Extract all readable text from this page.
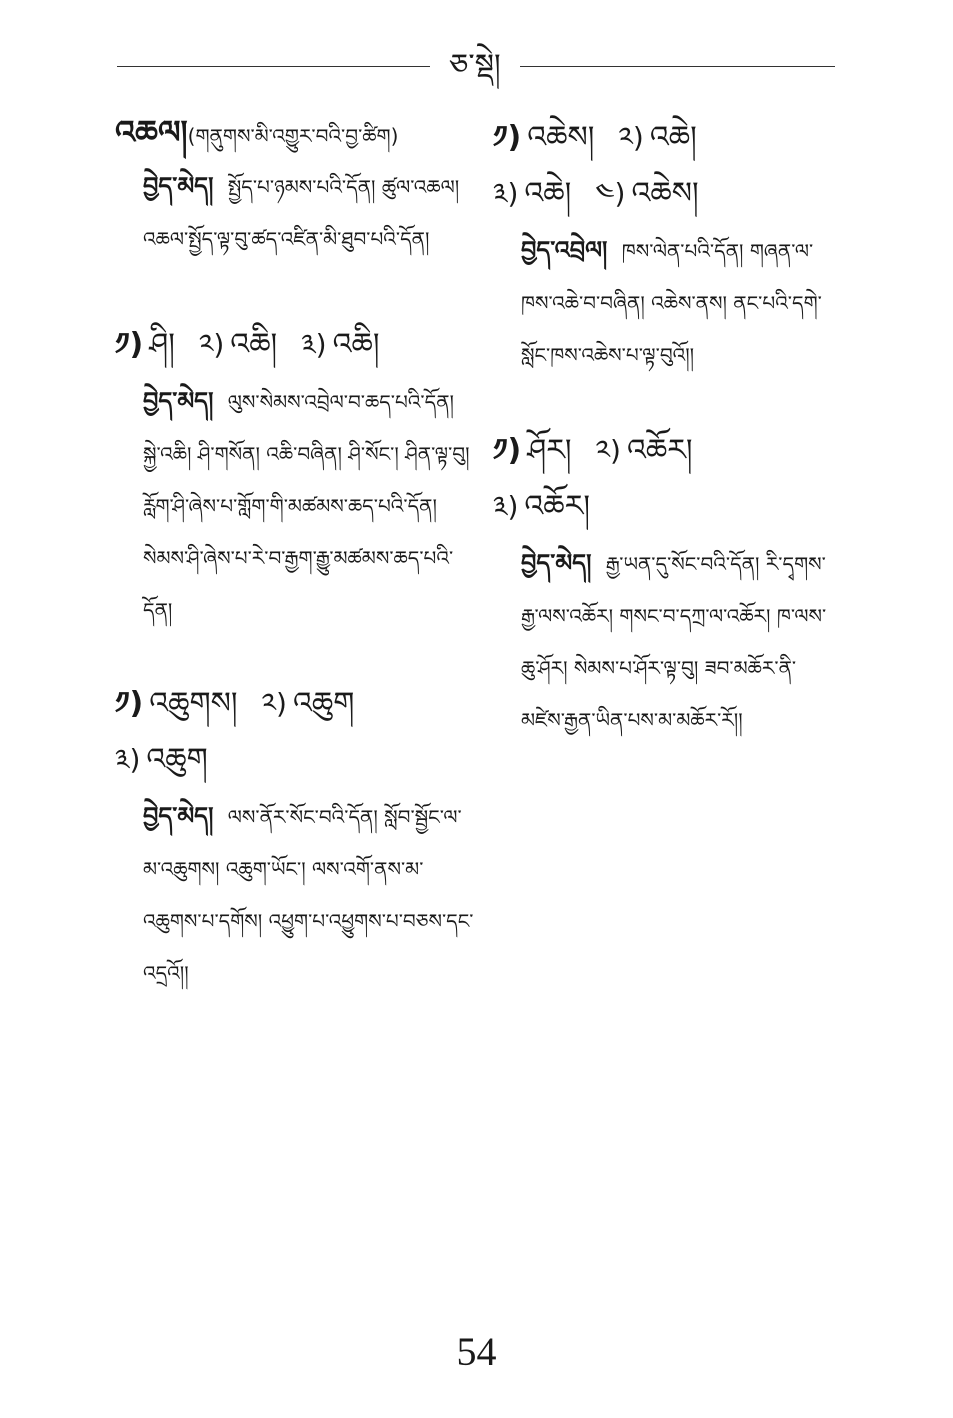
ཅ་སྡེ།

འཆལ།(གནུགས་མི་འགྱུར་བའི་བྱ་ཚིག)

བྱེད་མེད། སྤྱོད་པ་ཉམས་པའི་དོན། ཚུལ་འཆལ། འཆལ་སྤྱོད་ལྟ་བུ་ཚད་འཛིན་མི་ཐུབ་པའི་དོན།

༡) ཤི། ༢) འཆི། ༣) འཆི།

བྱེད་མེད། ལུས་སེམས་འབྲེལ་བ་ཆད་པའི་དོན། སྐྱེ་འཆི། ཤི་གསོན། འཆི་བཞིན། ཤི་སོང་། ཤིན་ལྟ་བུ། རློག་ཤི་ཞེས་པ་གློག་གི་མཚམས་ཆད་པའི་དོན། སེམས་ཤི་ཞེས་པ་རེ་བ་རྒྱག་རྒྱུ་མཚམས་ཆད་པའི་དོན།

༡) འཆུགས། ༢) འཆུག

༣) འཆུག

བྱེད་མེད། ལས་ནོར་སོང་བའི་དོན། སློབ་སྦྱོང་ལ་མ་འཆུགས། འཆུག་ཡོང་། ལས་འགོ་ནས་མ་འཆུགས་པ་དགོས། འཕྱུག་པ་འཕྱུགས་པ་བཅས་དང་འདྲའོ།།

༡) འཆེས། ༢) འཆེ།

༣) འཆེ། ༤) འཆེས།

བྱེད་འབྲེལ། ཁས་ལེན་པའི་དོན། གཞན་ལ་ཁས་འཆེ་བ་བཞིན། འཆེས་ནས། ནང་པའི་དགེ་སློང་ཁས་འཆེས་པ་ལྟ་བུའོ།།

༡) ཤོར། ༢) འཆོར།

༣) འཆོར།

བྱེད་མེད། རྒྱ་ཡན་དུ་སོང་བའི་དོན། རི་དྭགས་རྒྱ་ལས་འཆོར། གསང་བ་དཀྲ་ལ་འཆོར། ཁ་ལས་ཆུ་ཤོར། སེམས་པ་ཤོར་ལྟ་བུ། ཟབ་མཆོར་ནི་མཛེས་རྒྱན་ཡིན་པས་མ་མཆོར་རོ།།
54
